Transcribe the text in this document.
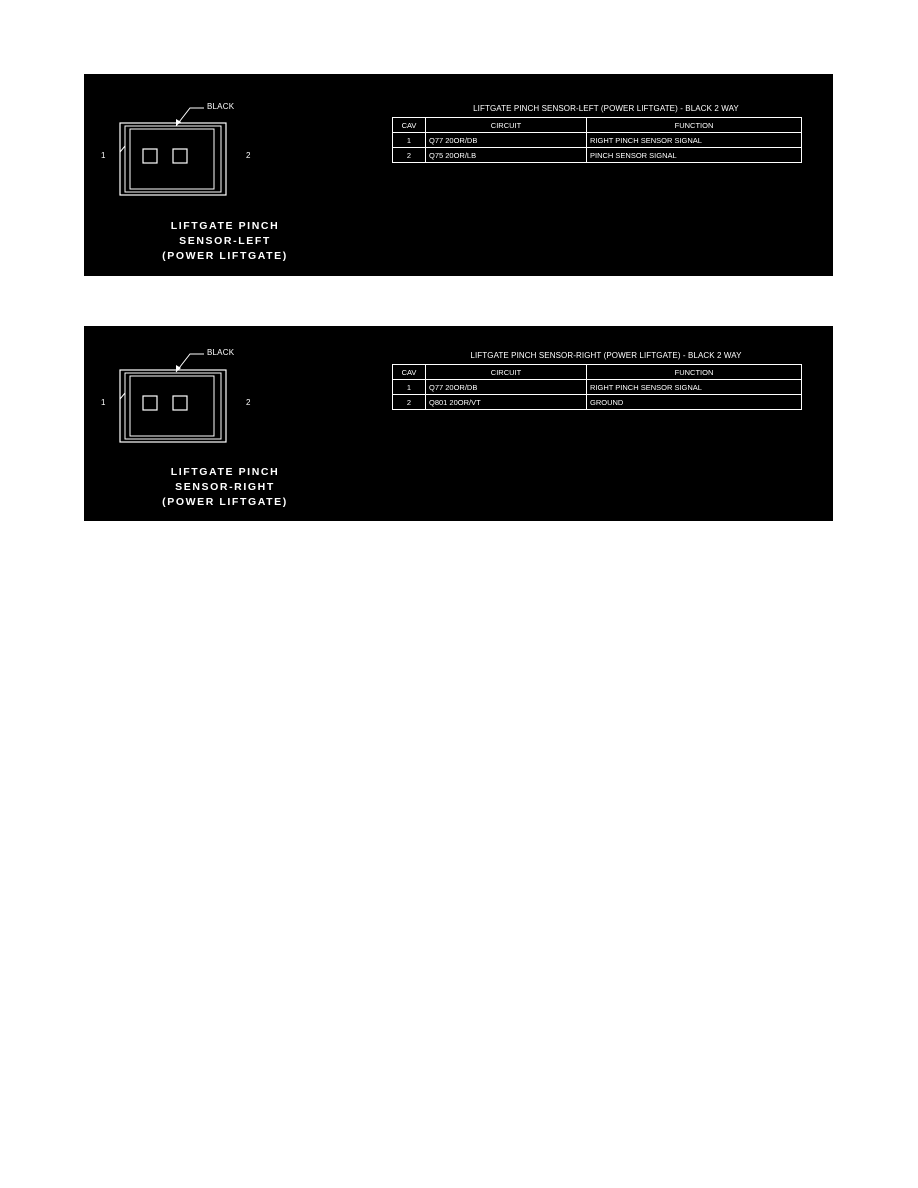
BLACK
1	2
LIFTGATE PINCH
SENSOR-LEFT
(POWER LIFTGATE)
LIFTGATE PINCH SENSOR-LEFT (POWER LIFTGATE) - BLACK 2 WAY
CAV	CIRCUIT	FUNCTION
1	Q77 20OR/DB	RIGHT PINCH SENSOR SIGNAL
2	Q75 20OR/LB	PINCH SENSOR SIGNAL
BLACK
1	2
LIFTGATE PINCH
SENSOR-RIGHT
(POWER LIFTGATE)
LIFTGATE PINCH SENSOR-RIGHT (POWER LIFTGATE) - BLACK 2 WAY
CAV	CIRCUIT	FUNCTION
1	Q77 20OR/DB	RIGHT PINCH SENSOR SIGNAL
2	Q801 20OR/VT	GROUND
